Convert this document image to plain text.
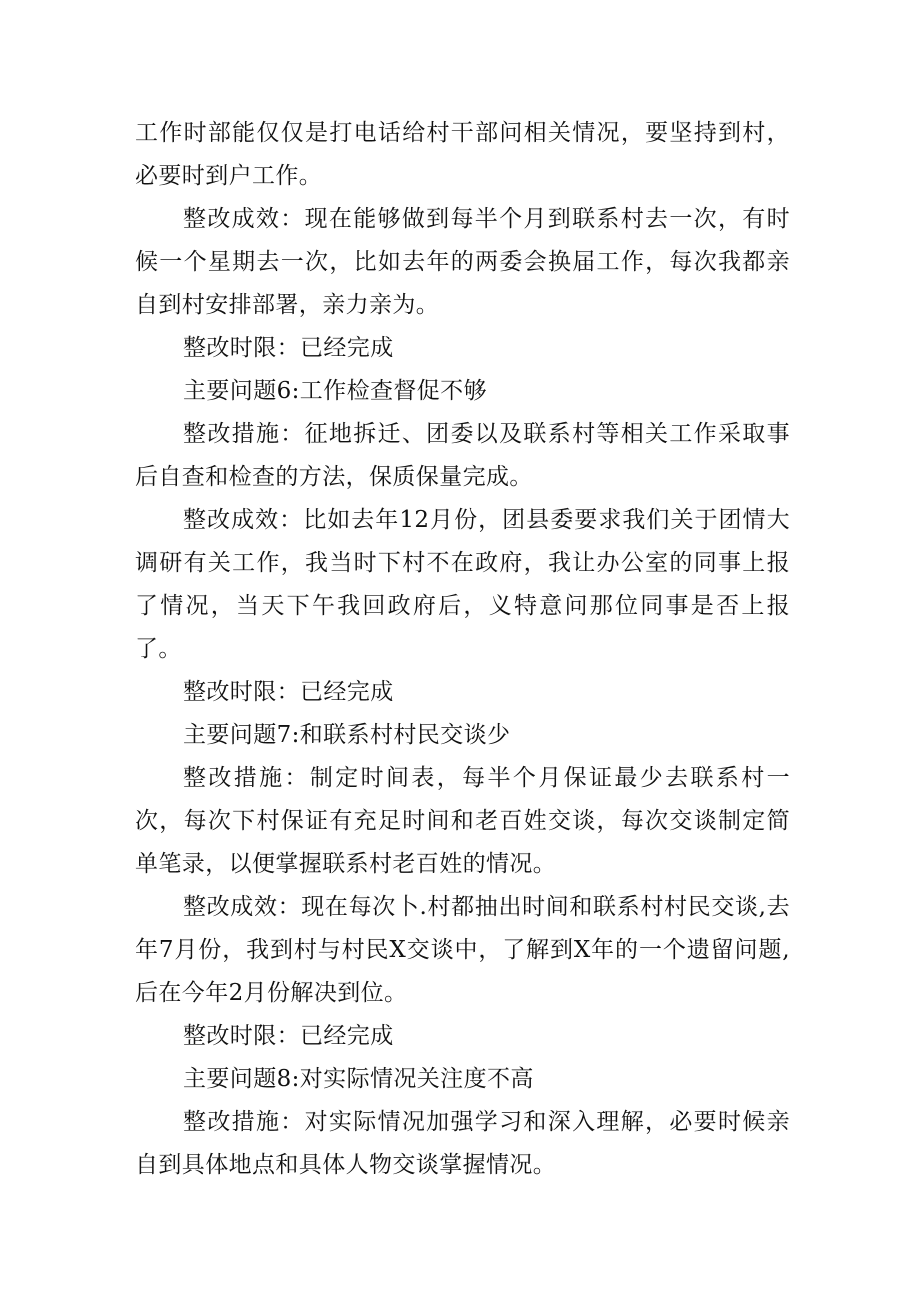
工作时部能仅仅是打电话给村干部问相关情况，要坚持到村，必要时到户工作。

整改成效：现在能够做到每半个月到联系村去一次，有时候一个星期去一次，比如去年的两委会换届工作，每次我都亲自到村安排部署，亲力亲为。

整改时限：已经完成

主要问题6:工作检查督促不够

整改措施：征地拆迁、团委以及联系村等相关工作采取事后自查和检查的方法，保质保量完成。

整改成效：比如去年12月份，团县委要求我们关于团情大调研有关工作，我当时下村不在政府，我让办公室的同事上报了情况，当天下午我回政府后，义特意问那位同事是否上报了。

整改时限：已经完成

主要问题7:和联系村村民交谈少

整改措施：制定时间表，每半个月保证最少去联系村一次，每次下村保证有充足时间和老百姓交谈，每次交谈制定简单笔录，以便掌握联系村老百姓的情况。

整改成效：现在每次卜.村都抽出时间和联系村村民交谈,去年7月份，我到村与村民X交谈中，了解到X年的一个遗留问题,后在今年2月份解决到位。

整改时限：已经完成

主要问题8:对实际情况关注度不高

整改措施：对实际情况加强学习和深入理解，必要时候亲自到具体地点和具体人物交谈掌握情况。
